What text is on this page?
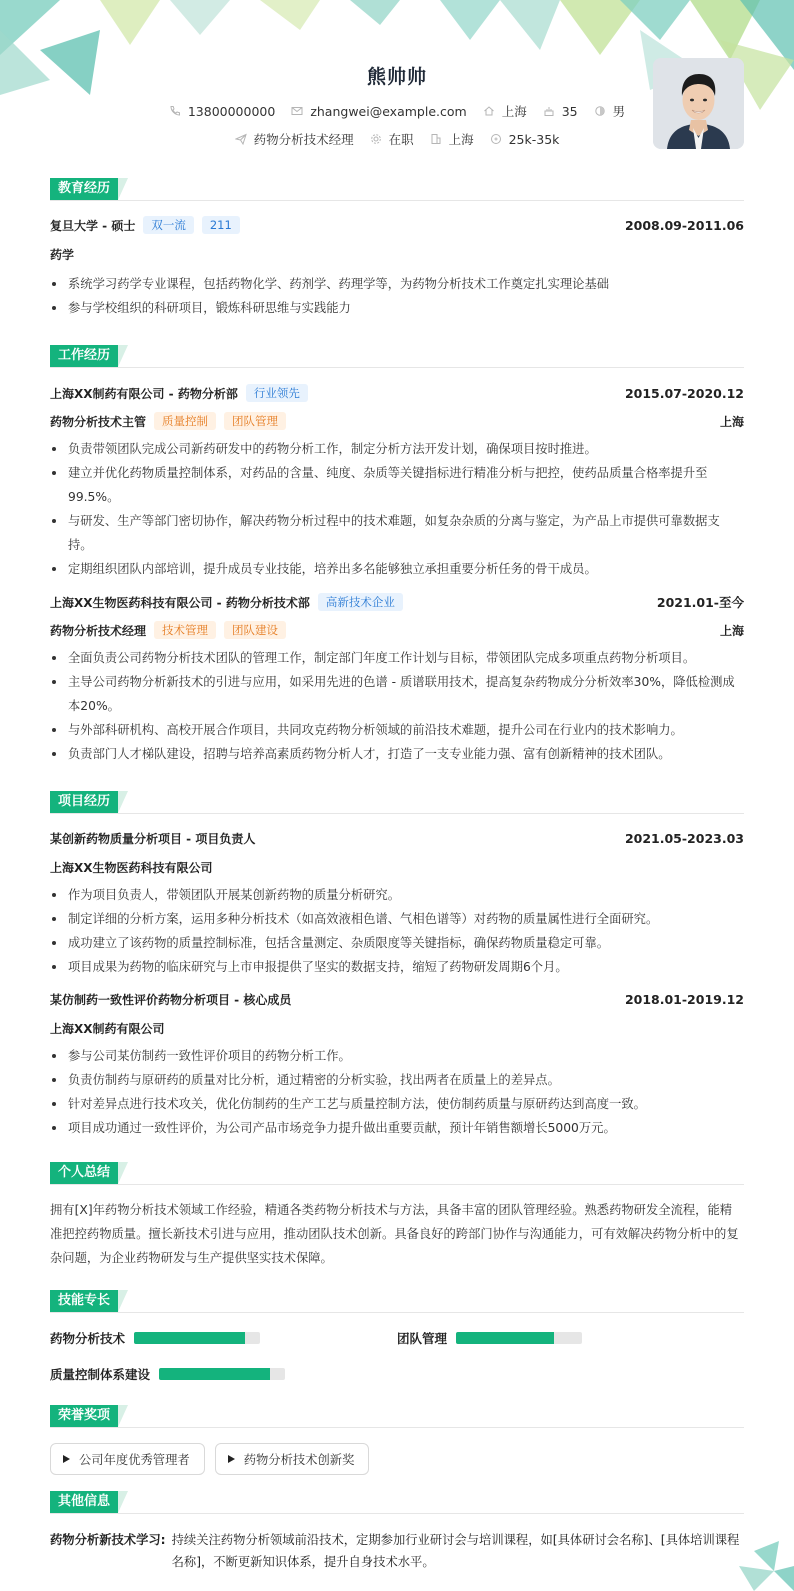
熊帅帅
13800000000	zhangwei@example.com	上海	35	男
药物分析技术经理	在职	上海	25k-35k
教育经历
复旦大学 - 硕士	双一流	211	2008.09-2011.06
药学
系统学习药学专业课程，包括药物化学、药剂学、药理学等，为药物分析技术工作奠定扎实理论基础
参与学校组织的科研项目，锻炼科研思维与实践能力
工作经历
上海XX制药有限公司 - 药物分析部	行业领先	2015.07-2020.12
药物分析技术主管	质量控制	团队管理	上海
负责带领团队完成公司新药研发中的药物分析工作，制定分析方法开发计划，确保项目按时推进。
建立并优化药物质量控制体系，对药品的含量、纯度、杂质等关键指标进行精准分析与把控，使药品质量合格率提升至99.5%。
与研发、生产等部门密切协作，解决药物分析过程中的技术难题，如复杂杂质的分离与鉴定，为产品上市提供可靠数据支持。
定期组织团队内部培训，提升成员专业技能，培养出多名能够独立承担重要分析任务的骨干成员。
上海XX生物医药科技有限公司 - 药物分析技术部	高新技术企业	2021.01-至今
药物分析技术经理	技术管理	团队建设	上海
全面负责公司药物分析技术团队的管理工作，制定部门年度工作计划与目标，带领团队完成多项重点药物分析项目。
主导公司药物分析新技术的引进与应用，如采用先进的色谱 - 质谱联用技术，提高复杂药物成分分析效率30%，降低检测成本20%。
与外部科研机构、高校开展合作项目，共同攻克药物分析领域的前沿技术难题，提升公司在行业内的技术影响力。
负责部门人才梯队建设，招聘与培养高素质药物分析人才，打造了一支专业能力强、富有创新精神的技术团队。
项目经历
某创新药物质量分析项目 - 项目负责人	2021.05-2023.03
上海XX生物医药科技有限公司
作为项目负责人，带领团队开展某创新药物的质量分析研究。
制定详细的分析方案，运用多种分析技术（如高效液相色谱、气相色谱等）对药物的质量属性进行全面研究。
成功建立了该药物的质量控制标准，包括含量测定、杂质限度等关键指标，确保药物质量稳定可靠。
项目成果为药物的临床研究与上市申报提供了坚实的数据支持，缩短了药物研发周期6个月。
某仿制药一致性评价药物分析项目 - 核心成员	2018.01-2019.12
上海XX制药有限公司
参与公司某仿制药一致性评价项目的药物分析工作。
负责仿制药与原研药的质量对比分析，通过精密的分析实验，找出两者在质量上的差异点。
针对差异点进行技术攻关，优化仿制药的生产工艺与质量控制方法，使仿制药质量与原研药达到高度一致。
项目成功通过一致性评价，为公司产品市场竞争力提升做出重要贡献，预计年销售额增长5000万元。
个人总结
拥有[X]年药物分析技术领域工作经验，精通各类药物分析技术与方法，具备丰富的团队管理经验。熟悉药物研发全流程，能精准把控药物质量。擅长新技术引进与应用，推动团队技术创新。具备良好的跨部门协作与沟通能力，可有效解决药物分析中的复杂问题，为企业药物研发与生产提供坚实技术保障。
技能专长
药物分析技术	团队管理
质量控制体系建设
荣誉奖项
公司年度优秀管理者	药物分析技术创新奖
其他信息
药物分析新技术学习: 持续关注药物分析领域前沿技术，定期参加行业研讨会与培训课程，如[具体研讨会名称]、[具体培训课程名称]，不断更新知识体系，提升自身技术水平。
